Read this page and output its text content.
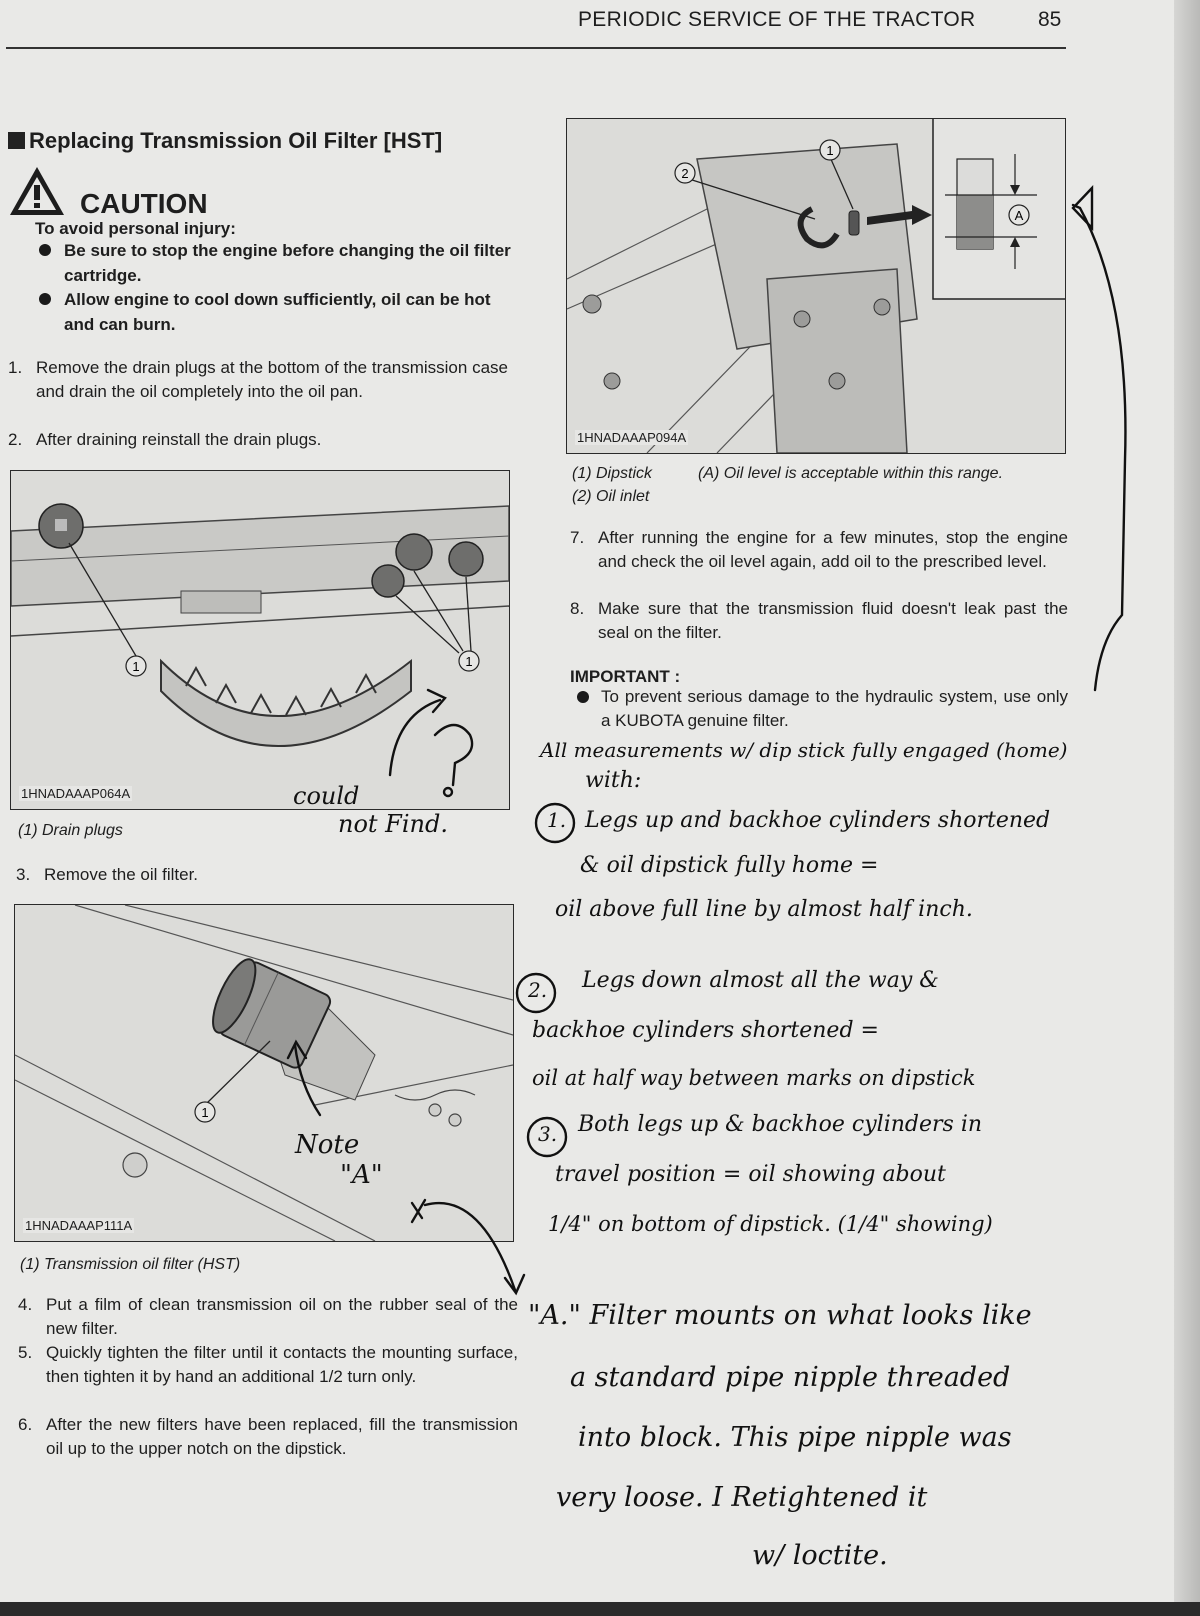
PERIODIC SERVICE OF THE TRACTOR	85
Replacing Transmission Oil Filter [HST]
CAUTION
To avoid personal injury:
Be sure to stop the engine before changing the oil filter cartridge.
Allow engine to cool down sufficiently, oil can be hot and can burn.
1. Remove the drain plugs at the bottom of the transmission case and drain the oil completely into the oil pan.
2. After draining reinstall the drain plugs.
1	1
1HNADAAAP064A
(1) Drain plugs
3. Remove the oil filter.
1
1HNADAAAP111A
(1) Transmission oil filter (HST)
4. Put a film of clean transmission oil on the rubber seal of the new filter.
5. Quickly tighten the filter until it contacts the mounting surface, then tighten it by hand an additional 1/2 turn only.
6. After the new filters have been replaced, fill the transmission oil up to the upper notch on the dipstick.
2
1
A
1HNADAAAP094A
(1) Dipstick
(2) Oil inlet
(A) Oil level is acceptable within this range.
7. After running the engine for a few minutes, stop the engine and check the oil level again, add oil to the prescribed level.
8. Make sure that the transmission fluid doesn't leak past the seal on the filter.
IMPORTANT :
To prevent serious damage to the hydraulic system, use only a KUBOTA genuine filter.
could
not Find.
Note
"A"
All measurements w/ dip stick fully engaged (home)
with:
1. Legs up and backhoe cylinders shortened
& oil dipstick fully home =
oil above full line by almost half inch.
2. Legs down almost all the way &
backhoe cylinders shortened =
oil at half way between marks on dipstick
3. Both legs up & backhoe cylinders in
travel position = oil showing about
1/4" on bottom of dipstick. (1/4" showing)
"A." Filter mounts on what looks like
a standard pipe nipple threaded
into block. This pipe nipple was
very loose. I Retightened it
w/ loctite.
